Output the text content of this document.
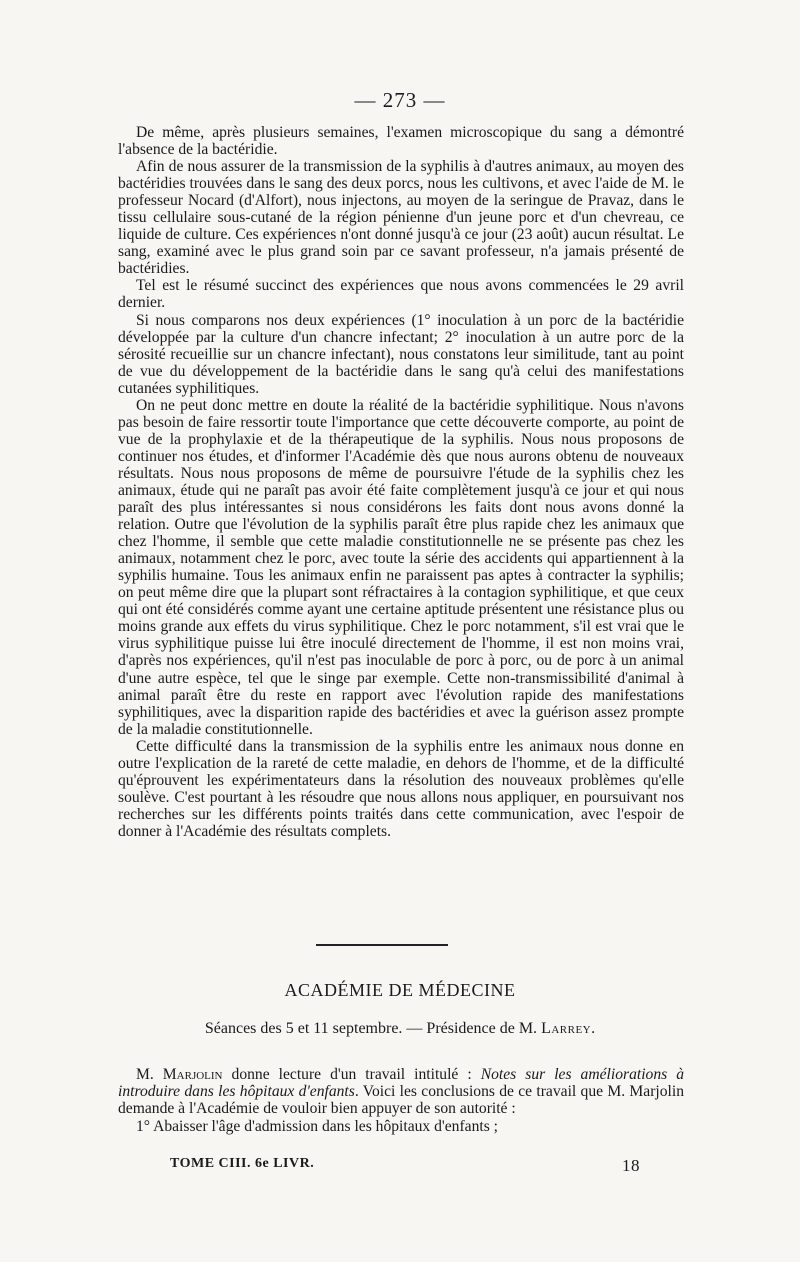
— 273 —

De même, après plusieurs semaines, l'examen microscopique du sang a démontré l'absence de la bactéridie.

Afin de nous assurer de la transmission de la syphilis à d'autres animaux, au moyen des bactéridies trouvées dans le sang des deux porcs, nous les cultivons, et avec l'aide de M. le professeur Nocard (d'Alfort), nous injectons, au moyen de la seringue de Pravaz, dans le tissu cellulaire sous-cutané de la région pénienne d'un jeune porc et d'un chevreau, ce liquide de culture. Ces expériences n'ont donné jusqu'à ce jour (23 août) aucun résultat. Le sang, examiné avec le plus grand soin par ce savant professeur, n'a jamais présenté de bactéridies.

Tel est le résumé succinct des expériences que nous avons commencées le 29 avril dernier.

Si nous comparons nos deux expériences (1° inoculation à un porc de la bactéridie développée par la culture d'un chancre infectant; 2° inoculation à un autre porc de la sérosité recueillie sur un chancre infectant), nous constatons leur similitude, tant au point de vue du développement de la bactéridie dans le sang qu'à celui des manifestations cutanées syphilitiques.

On ne peut donc mettre en doute la réalité de la bactéridie syphilitique. Nous n'avons pas besoin de faire ressortir toute l'importance que cette découverte comporte, au point de vue de la prophylaxie et de la thérapeutique de la syphilis. Nous nous proposons de continuer nos études, et d'informer l'Académie dès que nous aurons obtenu de nouveaux résultats. Nous nous proposons de même de poursuivre l'étude de la syphilis chez les animaux, étude qui ne paraît pas avoir été faite complètement jusqu'à ce jour et qui nous paraît des plus intéressantes si nous considérons les faits dont nous avons donné la relation. Outre que l'évolution de la syphilis paraît être plus rapide chez les animaux que chez l'homme, il semble que cette maladie constitutionnelle ne se présente pas chez les animaux, notamment chez le porc, avec toute la série des accidents qui appartiennent à la syphilis humaine. Tous les animaux enfin ne paraissent pas aptes à contracter la syphilis; on peut même dire que la plupart sont réfractaires à la contagion syphilitique, et que ceux qui ont été considérés comme ayant une certaine aptitude présentent une résistance plus ou moins grande aux effets du virus syphilitique. Chez le porc notamment, s'il est vrai que le virus syphilitique puisse lui être inoculé directement de l'homme, il est non moins vrai, d'après nos expériences, qu'il n'est pas inoculable de porc à porc, ou de porc à un animal d'une autre espèce, tel que le singe par exemple. Cette non-transmissibilité d'animal à animal paraît être du reste en rapport avec l'évolution rapide des manifestations syphilitiques, avec la disparition rapide des bactéridies et avec la guérison assez prompte de la maladie constitutionnelle.

Cette difficulté dans la transmission de la syphilis entre les animaux nous donne en outre l'explication de la rareté de cette maladie, en dehors de l'homme, et de la difficulté qu'éprouvent les expérimentateurs dans la résolution des nouveaux problèmes qu'elle soulève. C'est pourtant à les résoudre que nous allons nous appliquer, en poursuivant nos recherches sur les différents points traités dans cette communication, avec l'espoir de donner à l'Académie des résultats complets.

ACADÉMIE DE MÉDECINE
Séances des 5 et 11 septembre. — Présidence de M. Larrey.

M. Marjolin donne lecture d'un travail intitulé : Notes sur les améliorations à introduire dans les hôpitaux d'enfants. Voici les conclusions de ce travail que M. Marjolin demande à l'Académie de vouloir bien appuyer de son autorité :

1° Abaisser l'âge d'admission dans les hôpitaux d'enfants ;

TOME CIII. 6e LIVR.	18
